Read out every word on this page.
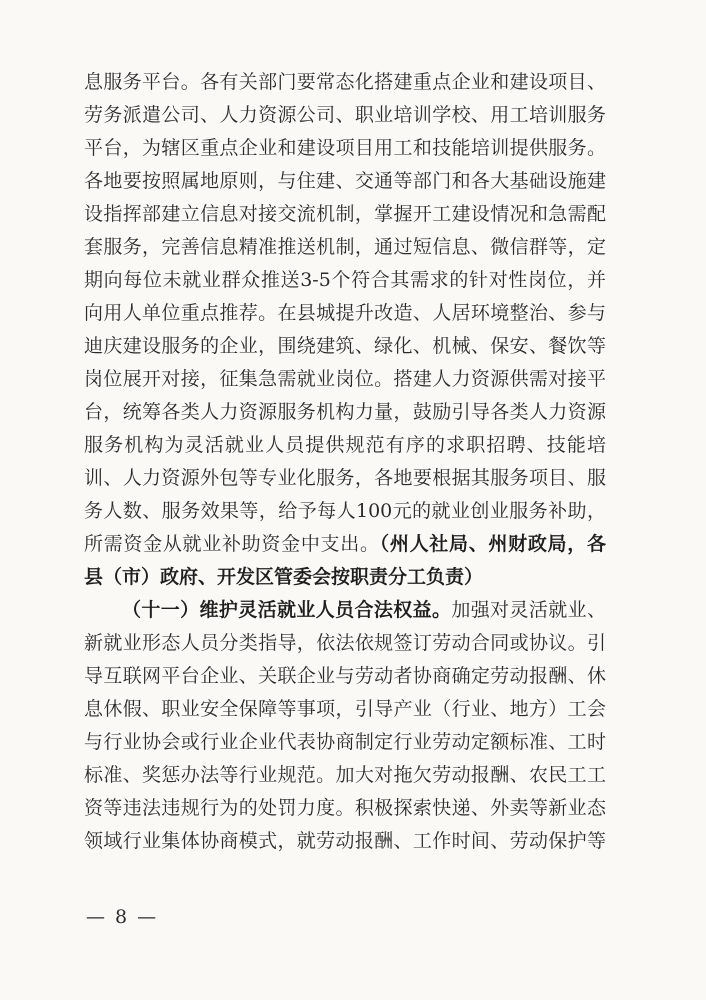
息服务平台。各有关部门要常态化搭建重点企业和建设项目、
劳务派遣公司、人力资源公司、职业培训学校、用工培训服务
平台，为辖区重点企业和建设项目用工和技能培训提供服务。
各地要按照属地原则，与住建、交通等部门和各大基础设施建
设指挥部建立信息对接交流机制，掌握开工建设情况和急需配
套服务，完善信息精准推送机制，通过短信息、微信群等，定
期向每位未就业群众推送3-5个符合其需求的针对性岗位，并
向用人单位重点推荐。在县城提升改造、人居环境整治、参与
迪庆建设服务的企业，围绕建筑、绿化、机械、保安、餐饮等
岗位展开对接，征集急需就业岗位。搭建人力资源供需对接平
台，统筹各类人力资源服务机构力量，鼓励引导各类人力资源
服务机构为灵活就业人员提供规范有序的求职招聘、技能培
训、人力资源外包等专业化服务，各地要根据其服务项目、服
务人数、服务效果等，给予每人100元的就业创业服务补助，
所需资金从就业补助资金中支出。（州人社局、州财政局，各
县（市）政府、开发区管委会按职责分工负责）
（十一）维护灵活就业人员合法权益。加强对灵活就业、
新就业形态人员分类指导，依法依规签订劳动合同或协议。引
导互联网平台企业、关联企业与劳动者协商确定劳动报酬、休
息休假、职业安全保障等事项，引导产业（行业、地方）工会
与行业协会或行业企业代表协商制定行业劳动定额标准、工时
标准、奖惩办法等行业规范。加大对拖欠劳动报酬、农民工工
资等违法违规行为的处罚力度。积极探索快递、外卖等新业态
领域行业集体协商模式，就劳动报酬、工作时间、劳动保护等
— 8 —
